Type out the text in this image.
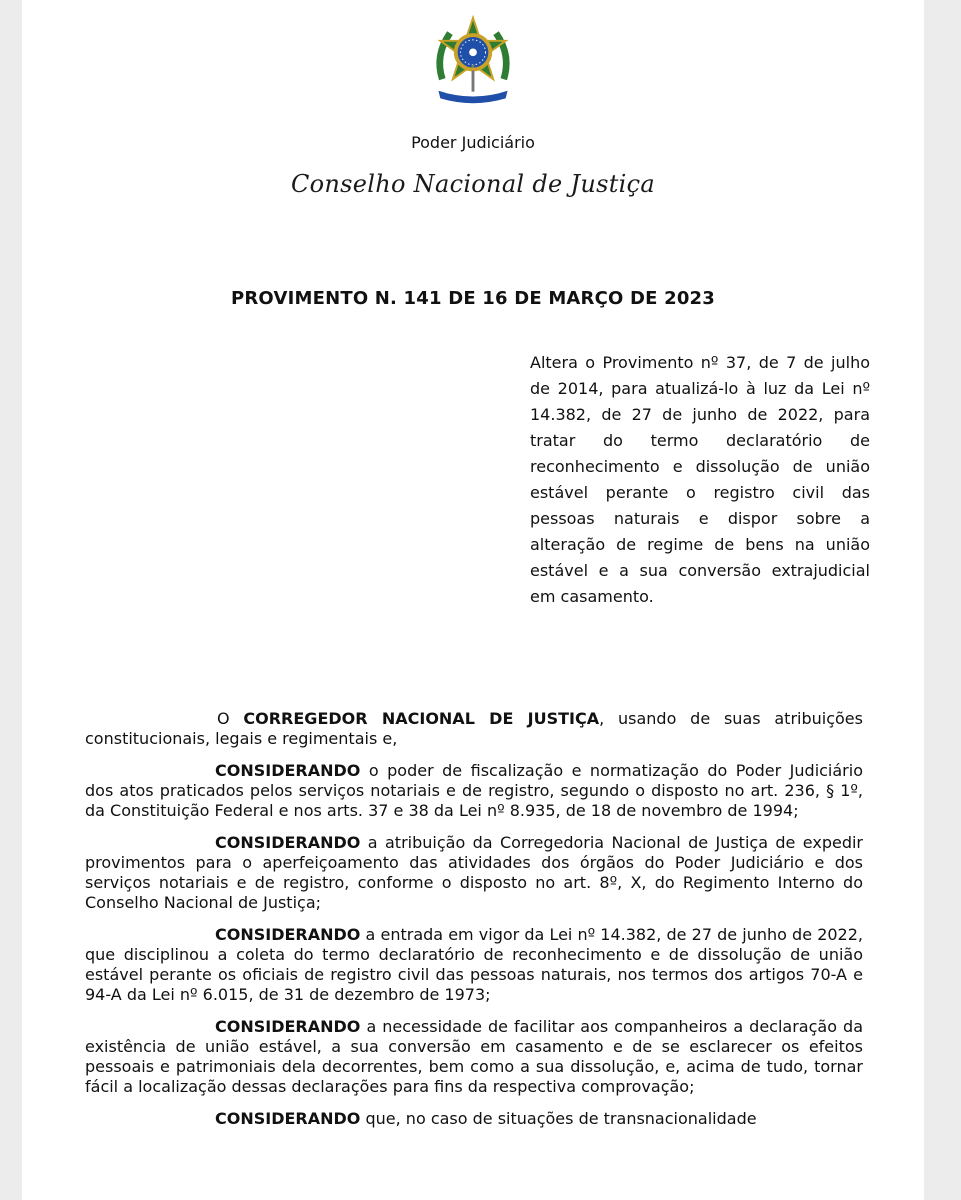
Poder Judiciário
Conselho Nacional de Justiça
PROVIMENTO N. 141 DE 16 DE MARÇO DE 2023
Altera o Provimento nº 37, de 7 de julho de 2014, para atualizá-lo à luz da Lei nº 14.382, de 27 de junho de 2022, para tratar do termo declaratório de reconhecimento e dissolução de união estável perante o registro civil das pessoas naturais e dispor sobre a alteração de regime de bens na união estável e a sua conversão extrajudicial em casamento.

O CORREGEDOR NACIONAL DE JUSTIÇA, usando de suas atribuições constitucionais, legais e regimentais e,

CONSIDERANDO o poder de fiscalização e normatização do Poder Judiciário dos atos praticados pelos serviços notariais e de registro, segundo o disposto no art. 236, § 1º, da Constituição Federal e nos arts. 37 e 38 da Lei nº 8.935, de 18 de novembro de 1994;

CONSIDERANDO a atribuição da Corregedoria Nacional de Justiça de expedir provimentos para o aperfeiçoamento das atividades dos órgãos do Poder Judiciário e dos serviços notariais e de registro, conforme o disposto no art. 8º, X, do Regimento Interno do Conselho Nacional de Justiça;

CONSIDERANDO a entrada em vigor da Lei nº 14.382, de 27 de junho de 2022, que disciplinou a coleta do termo declaratório de reconhecimento e de dissolução de união estável perante os oficiais de registro civil das pessoas naturais, nos termos dos artigos 70-A e 94-A da Lei nº 6.015, de 31 de dezembro de 1973;

CONSIDERANDO a necessidade de facilitar aos companheiros a declaração da existência de união estável, a sua conversão em casamento e de se esclarecer os efeitos pessoais e patrimoniais dela decorrentes, bem como a sua dissolução, e, acima de tudo, tornar fácil a localização dessas declarações para fins da respectiva comprovação;

CONSIDERANDO que, no caso de situações de transnacionalidade
